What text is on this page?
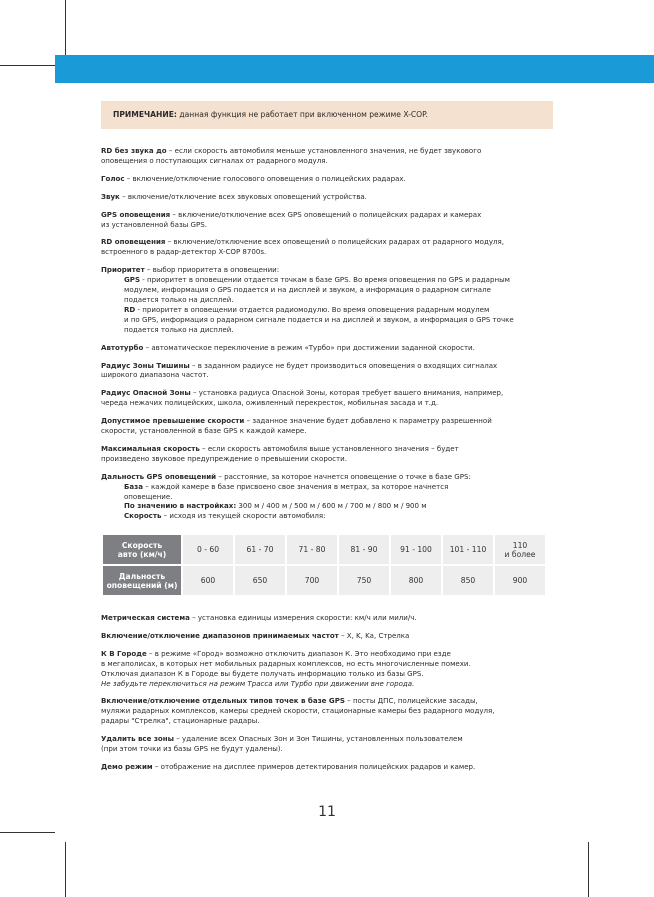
ПРИМЕЧАНИЕ: данная функция не работает при включенном режиме X-COP.
RD без звука до – если скорость автомобиля меньше установленного значения, не будет звукового
оповещения о поступающих сигналах от радарного модуля.
Голос – включение/отключение голосового оповещения о полицейских радарах.
Звук – включение/отключение всех звуковых оповещений устройства.
GPS оповещения – включение/отключение всех GPS оповещений о полицейских радарах и камерах
из установленной базы GPS.
RD оповещения – включение/отключение всех оповещений о полицейских радарах от радарного модуля,
встроенного в радар-детектор X-COP 8700s.
Приоритет – выбор приоритета в оповещении:

GPS - приоритет в оповещении отдается точкам в базе GPS. Во время оповещения по GPS и радарным
модулем, информация о GPS подается и на дисплей и звуком, а информация о радарном сигнале
подается только на дисплей.
RD - приоритет в оповещении отдается радиомодулю. Во время оповещения радарным модулем
и по GPS, информация о радарном сигнале подается и на дисплей и звуком, а информация о GPS точке
подается только на дисплей.
Автотурбо – автоматическое переключение в режим «Турбо» при достижении заданной скорости.
Радиус Зоны Тишины – в заданном радиусе не будет производиться оповещения о входящих сигналах
широкого диапазона частот.
Радиус Опасной Зоны – установка радиуса Опасной Зоны, которая требует вашего внимания, например,
череда нежачих полицейских, школа, оживленный перекресток, мобильная засада и т.д.
Допустимое превышение скорости – заданное значение будет добавлено к параметру разрешенной
скорости, установленной в базе GPS к каждой камере.
Максимальная скорость – если скорость автомобиля выше установленного значения – будет
произведено звуковое предупреждение о превышении скорости.
Дальность GPS оповещений – расстояние, за которое начнется оповещение о точке в базе GPS:

База – каждой камере в базе присвоено свое значения в метрах, за которое начнется
оповещение.
По значению в настройках: 300 м / 400 м / 500 м / 600 м / 700 м / 800 м / 900 м
Скорость – исходя из текущей скорости автомобиля:
Скорость
авто (км/ч)	0 - 60	61 - 70	71 - 80	81 - 90	91 - 100	101 - 110	110
и более
Дальность
оповещений (м)	600	650	700	750	800	850	900
Метрическая система – установка единицы измерения скорости: км/ч или мили/ч.
Включение/отключение диапазонов принимаемых частот – X, K, Ka, Стрелка
К В Городе – в режиме «Город» возможно отключить диапазон К. Это необходимо при езде
в мегаполисах, в которых нет мобильных радарных комплексов, но есть многочисленные помехи.
Отключая диапазон К в Городе вы будете получать информацию только из базы GPS.
Не забудьте переключиться на режим Трасса или Турбо при движении вне города.
Включение/отключение отдельных типов точек в базе GPS – посты ДПС, полицейские засады,
муляжи радарных комплексов, камеры средней скорости, стационарные камеры без радарного модуля,
радары "Стрелка", стационарные радары.
Удалить все зоны – удаление всех Опасных Зон и Зон Тишины, установленных пользователем
(при этом точки из базы GPS не будут удалены).
Демо режим – отображение на дисплее примеров детектирования полицейских радаров и камер.
11
